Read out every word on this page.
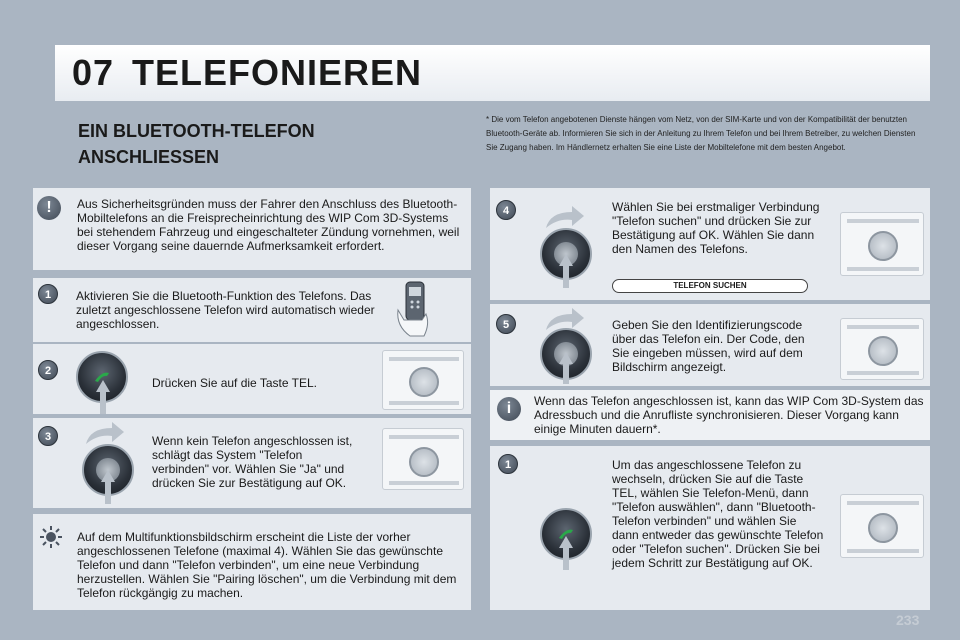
07 TELEFONIEREN
EIN BLUETOOTH-TELEFON ANSCHLIESSEN
* Die vom Telefon angebotenen Dienste hängen vom Netz, von der SIM-Karte und von der Kompatibilität der benutzten Bluetooth-Geräte ab. Informieren Sie sich in der Anleitung zu Ihrem Telefon und bei Ihrem Betreiber, zu welchen Diensten Sie Zugang haben. Im Händlernetz erhalten Sie eine Liste der Mobiltelefone mit dem besten Angebot.
!	Aus Sicherheitsgründen muss der Fahrer den Anschluss des Bluetooth-Mobiltelefons an die Freisprecheinrichtung des WIP Com 3D-Systems bei stehendem Fahrzeug und eingeschalteter Zündung vornehmen, weil dieser Vorgang seine dauernde Aufmerksamkeit erfordert.
1	Aktivieren Sie die Bluetooth-Funktion des Telefons. Das zuletzt angeschlossene Telefon wird automatisch wieder angeschlossen.
2
Drücken Sie auf die Taste TEL.
3	Wenn kein Telefon angeschlossen ist, schlägt das System "Telefon verbinden" vor. Wählen Sie "Ja" und drücken Sie zur Bestätigung auf OK.
Auf dem Multifunktionsbildschirm erscheint die Liste der vorher angeschlossenen Telefone (maximal 4). Wählen Sie das gewünschte Telefon und dann "Telefon verbinden", um eine neue Verbindung herzustellen. Wählen Sie "Pairing löschen", um die Verbindung mit dem Telefon rückgängig zu machen.
4	Wählen Sie bei erstmaliger Verbindung "Telefon suchen" und drücken Sie zur Bestätigung auf OK. Wählen Sie dann den Namen des Telefons.
TELEFON SUCHEN
5	Geben Sie den Identifizierungscode über das Telefon ein. Der Code, den Sie eingeben müssen, wird auf dem Bildschirm angezeigt.
i	Wenn das Telefon angeschlossen ist, kann das WIP Com 3D-System das Adressbuch und die Anrufliste synchronisieren. Dieser Vorgang kann einige Minuten dauern*.
1	Um das angeschlossene Telefon zu wechseln, drücken Sie auf die Taste TEL, wählen Sie Telefon-Menü, dann "Telefon auswählen", dann "Bluetooth-Telefon verbinden" und wählen Sie dann entweder das gewünschte Telefon oder "Telefon suchen". Drücken Sie bei jedem Schritt zur Bestätigung auf OK.
233
